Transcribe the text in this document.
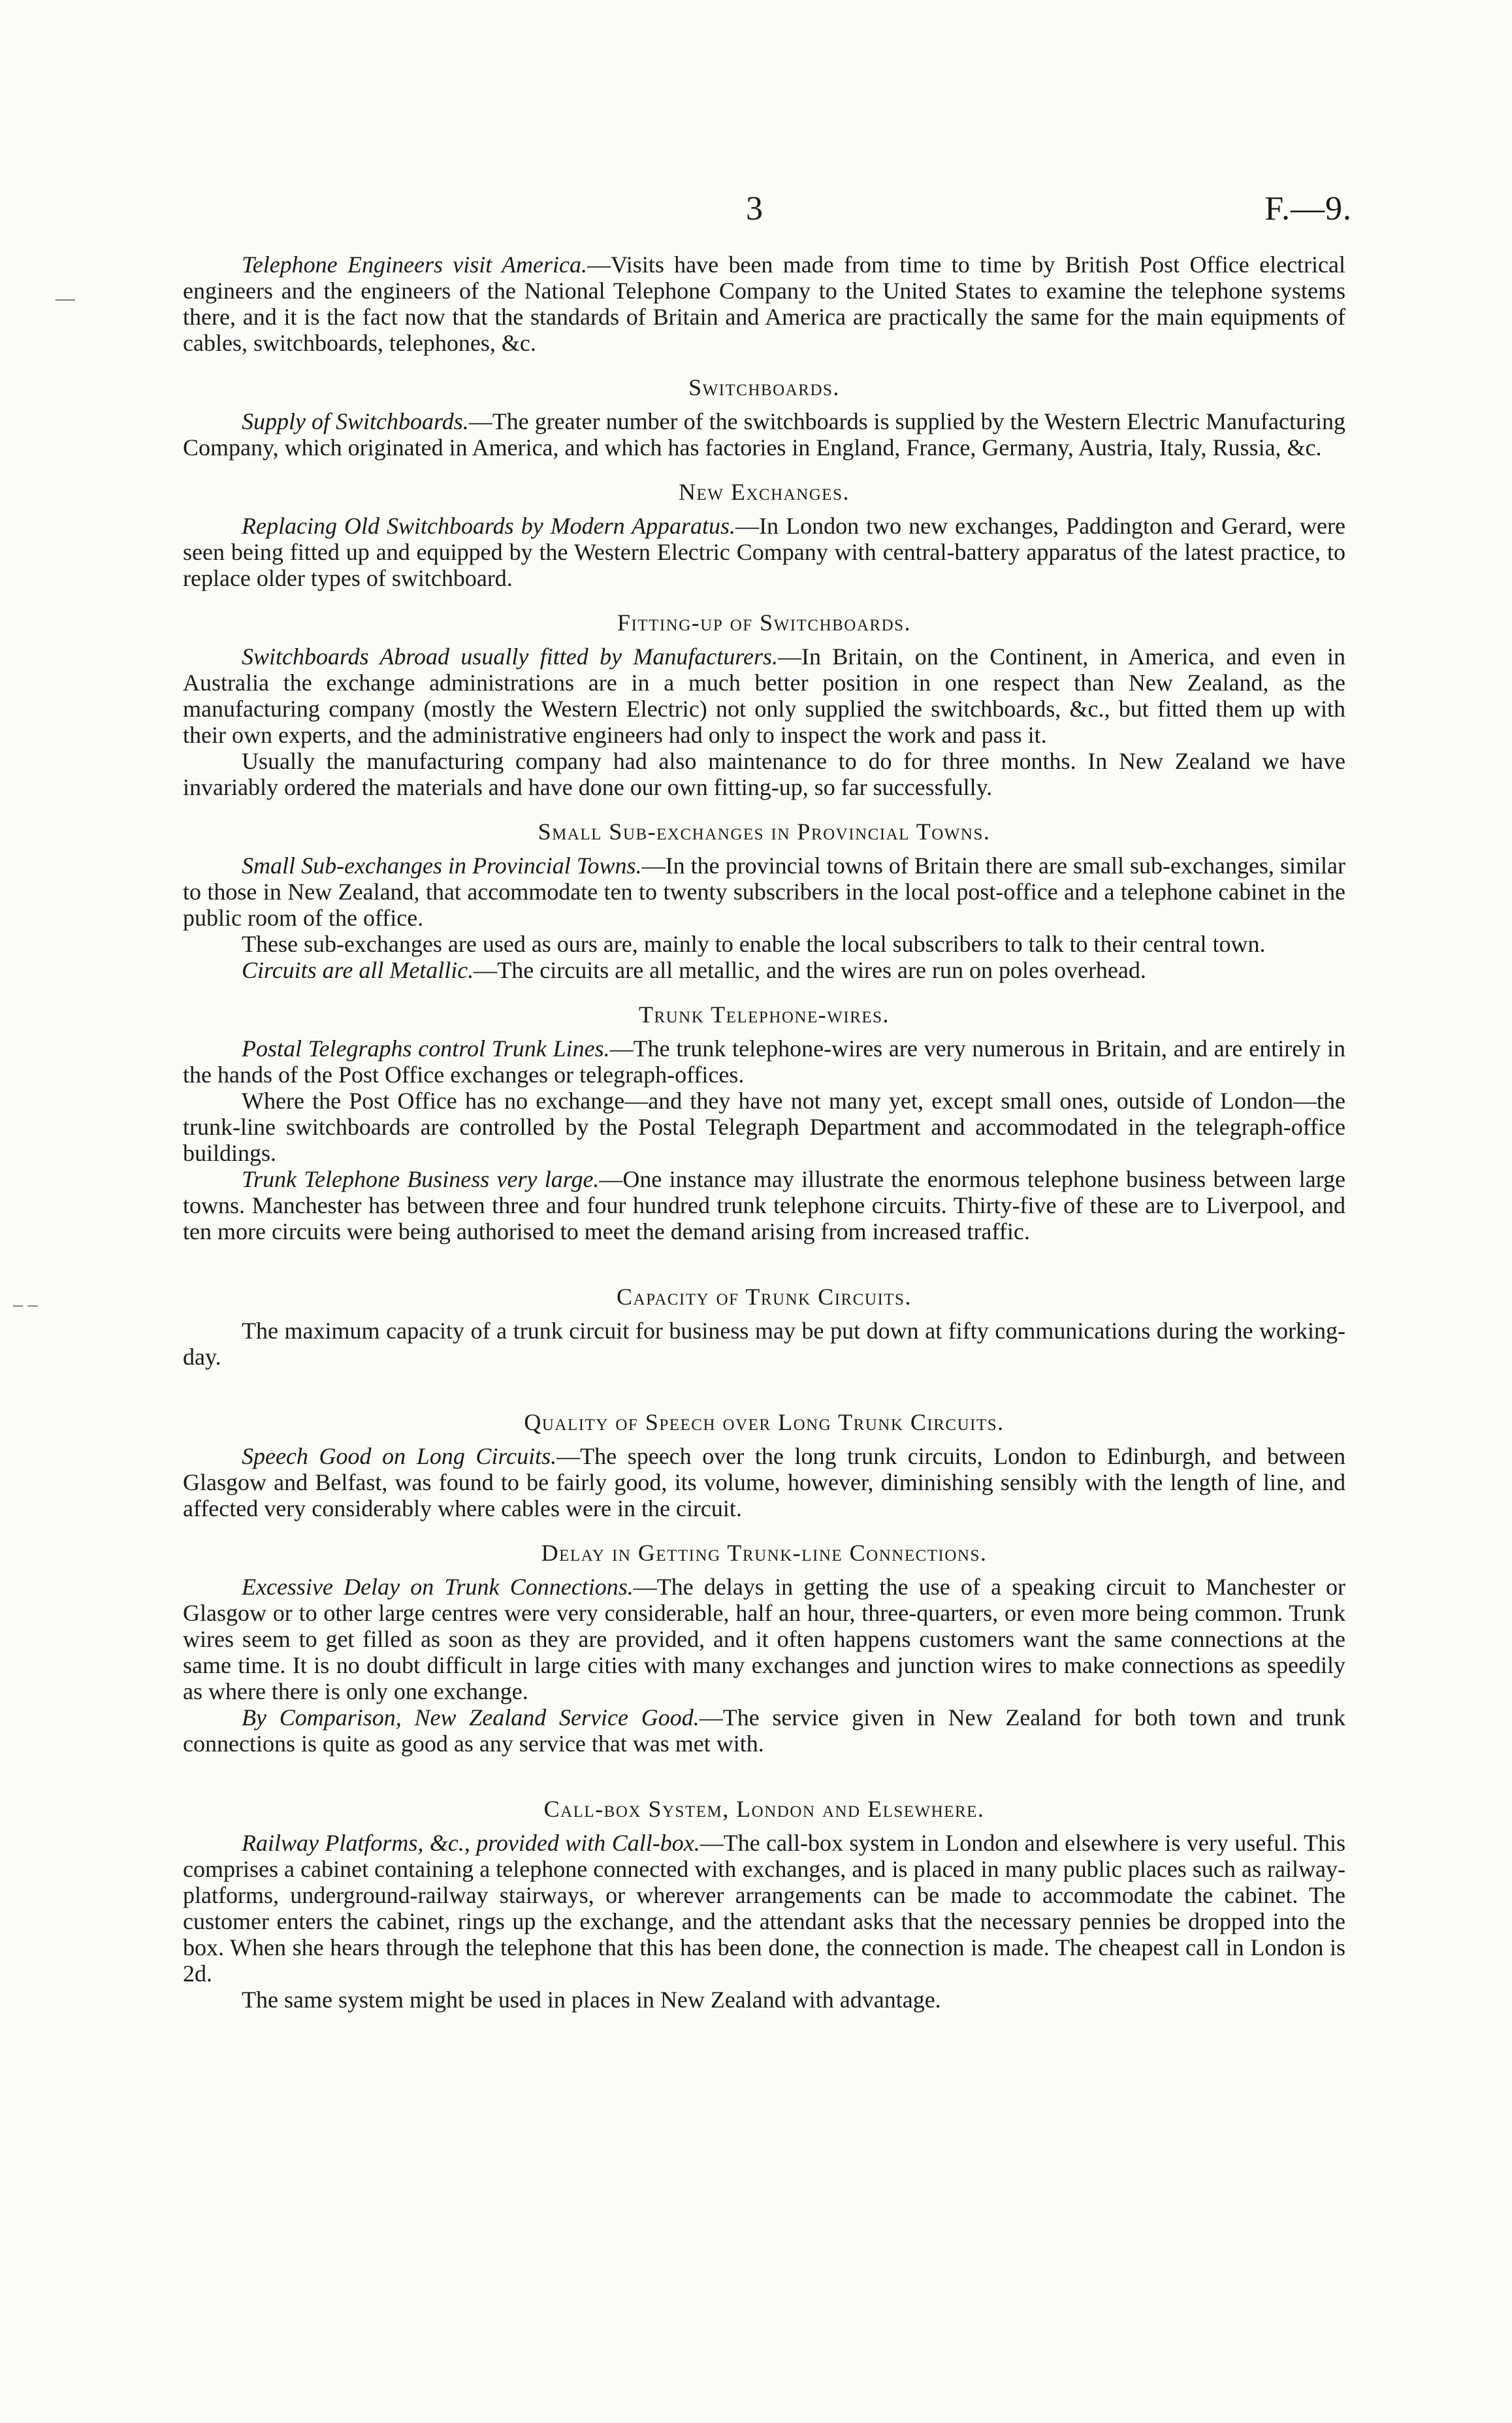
3	F.—9.
—
– –

Telephone Engineers visit America.—Visits have been made from time to time by British Post Office electrical engineers and the engineers of the National Telephone Company to the United States to examine the telephone systems there, and it is the fact now that the standards of Britain and America are practically the same for the main equipments of cables, switchboards, telephones, &c.

Switchboards.

Supply of Switchboards.—The greater number of the switchboards is supplied by the Western Electric Manufacturing Company, which originated in America, and which has factories in England, France, Germany, Austria, Italy, Russia, &c.

New Exchanges.

Replacing Old Switchboards by Modern Apparatus.—In London two new exchanges, Paddington and Gerard, were seen being fitted up and equipped by the Western Electric Company with central-battery apparatus of the latest practice, to replace older types of switchboard.

Fitting-up of Switchboards.

Switchboards Abroad usually fitted by Manufacturers.—In Britain, on the Continent, in America, and even in Australia the exchange administrations are in a much better position in one respect than New Zealand, as the manufacturing company (mostly the Western Electric) not only supplied the switchboards, &c., but fitted them up with their own experts, and the administrative engineers had only to inspect the work and pass it.

Usually the manufacturing company had also maintenance to do for three months. In New Zealand we have invariably ordered the materials and have done our own fitting-up, so far successfully.

Small Sub-exchanges in Provincial Towns.

Small Sub-exchanges in Provincial Towns.—In the provincial towns of Britain there are small sub-exchanges, similar to those in New Zealand, that accommodate ten to twenty subscribers in the local post-office and a telephone cabinet in the public room of the office.

These sub-exchanges are used as ours are, mainly to enable the local subscribers to talk to their central town.

Circuits are all Metallic.—The circuits are all metallic, and the wires are run on poles overhead.

Trunk Telephone-wires.

Postal Telegraphs control Trunk Lines.—The trunk telephone-wires are very numerous in Britain, and are entirely in the hands of the Post Office exchanges or telegraph-offices.

Where the Post Office has no exchange—and they have not many yet, except small ones, outside of London—the trunk-line switchboards are controlled by the Postal Telegraph Department and accommodated in the telegraph-office buildings.

Trunk Telephone Business very large.—One instance may illustrate the enormous telephone business between large towns. Manchester has between three and four hundred trunk telephone circuits. Thirty-five of these are to Liverpool, and ten more circuits were being authorised to meet the demand arising from increased traffic.

Capacity of Trunk Circuits.

The maximum capacity of a trunk circuit for business may be put down at fifty communications during the working-day.

Quality of Speech over Long Trunk Circuits.

Speech Good on Long Circuits.—The speech over the long trunk circuits, London to Edinburgh, and between Glasgow and Belfast, was found to be fairly good, its volume, however, diminishing sensibly with the length of line, and affected very considerably where cables were in the circuit.

Delay in Getting Trunk-line Connections.

Excessive Delay on Trunk Connections.—The delays in getting the use of a speaking circuit to Manchester or Glasgow or to other large centres were very considerable, half an hour, three-quarters, or even more being common. Trunk wires seem to get filled as soon as they are provided, and it often happens customers want the same connections at the same time. It is no doubt difficult in large cities with many exchanges and junction wires to make connections as speedily as where there is only one exchange.

By Comparison, New Zealand Service Good.—The service given in New Zealand for both town and trunk connections is quite as good as any service that was met with.

Call-box System, London and Elsewhere.

Railway Platforms, &c., provided with Call-box.—The call-box system in London and elsewhere is very useful. This comprises a cabinet containing a telephone connected with exchanges, and is placed in many public places such as railway-platforms, underground-railway stairways, or wherever arrangements can be made to accommodate the cabinet. The customer enters the cabinet, rings up the exchange, and the attendant asks that the necessary pennies be dropped into the box. When she hears through the telephone that this has been done, the connection is made. The cheapest call in London is 2d.

The same system might be used in places in New Zealand with advantage.
